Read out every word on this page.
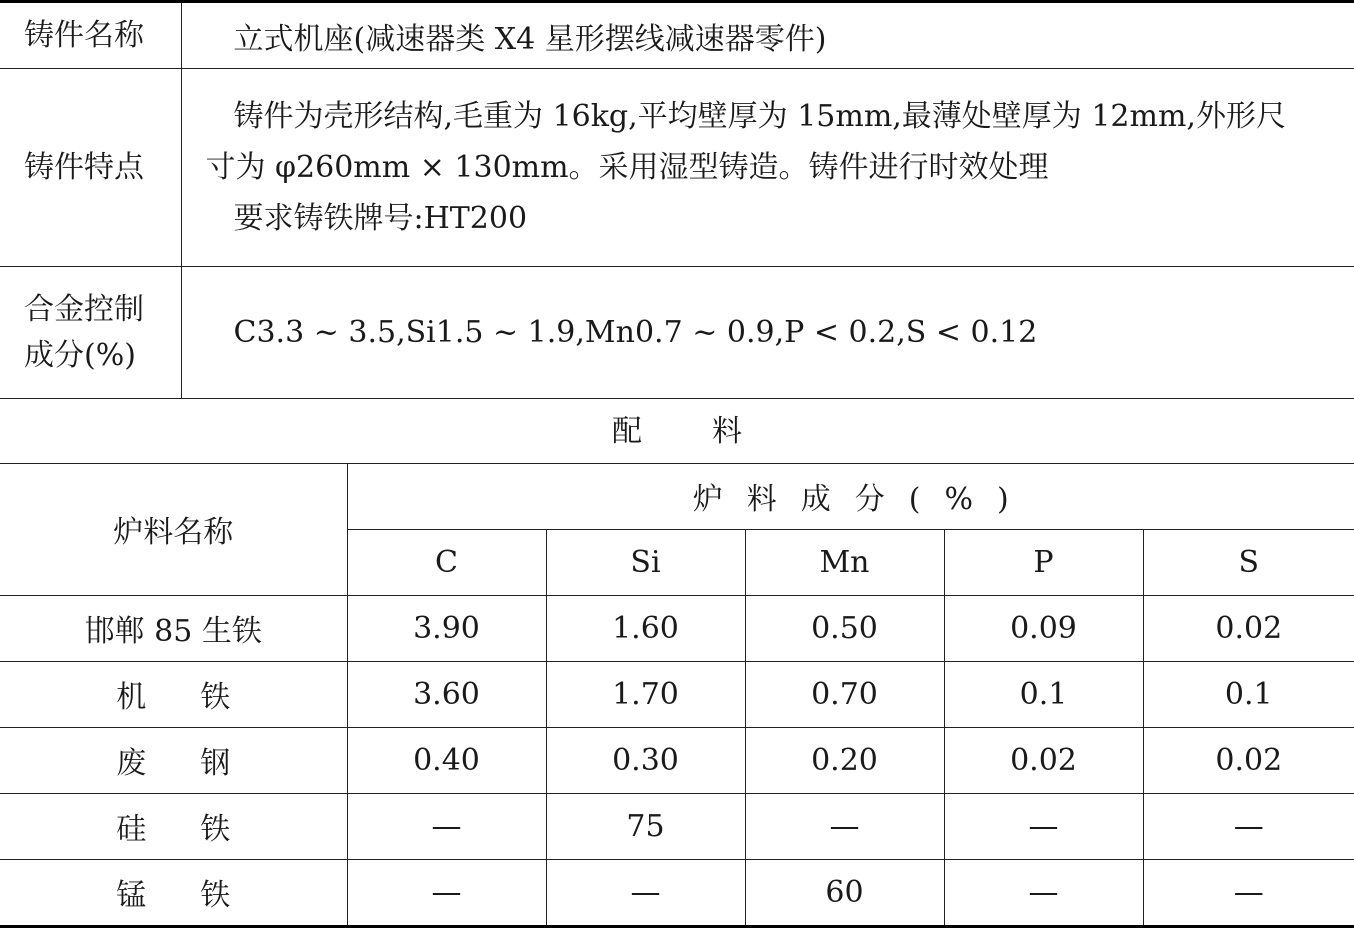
铸件名称	立式机座(减速器类 X4 星形摆线减速器零件)
铸件特点	铸件为壳形结构,毛重为 16kg,平均壁厚为 15mm,最薄处壁厚为 12mm,外形尺

寸为 φ260mm × 130mm。采用湿型铸造。铸件进行时效处理

要求铸铁牌号:HT200

合金控制
成分(%)	C3.3 ~ 3.5,Si1.5 ~ 1.9,Mn0.7 ~ 0.9,P < 0.2,S < 0.12
配料
炉料名称	炉料成分(%)				
	C	Si	Mn	P	S
邯郸 85 生铁	3.90	1.60	0.50	0.09	0.02
机铁	3.60	1.70	0.70	0.1	0.1
废钢	0.40	0.30	0.20	0.02	0.02
硅铁	—	75	—	—	—
锰铁	—	—	60	—	—
